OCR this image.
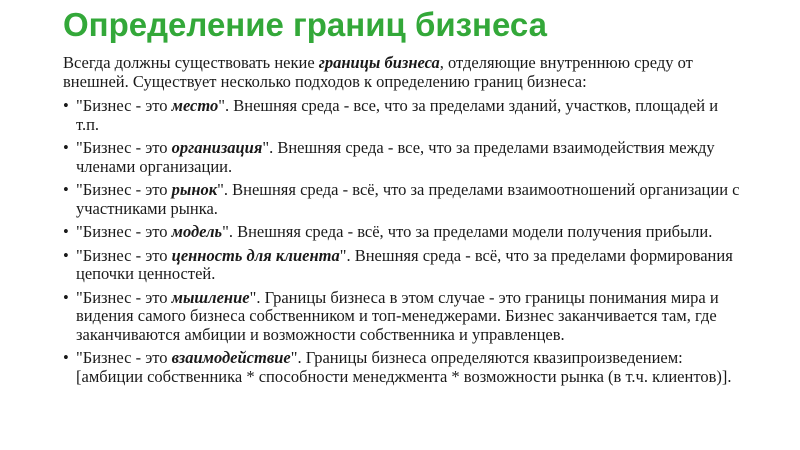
Определение границ бизнеса

Всегда должны существовать некие границы бизнеса, отделяющие внутреннюю среду от внешней. Существует несколько подходов к определению границ бизнеса:

• "Бизнес - это место". Внешняя среда - все, что за пределами зданий, участков, площадей и т.п.
• "Бизнес - это организация". Внешняя среда - все, что за пределами взаимодействия между членами организации.
• "Бизнес - это рынок". Внешняя среда - всё, что за пределами взаимоотношений организации с участниками рынка.
• "Бизнес - это модель". Внешняя среда - всё, что за пределами модели получения прибыли.
• "Бизнес - это ценность для клиента". Внешняя среда - всё, что за пределами формирования цепочки ценностей.
• "Бизнес - это мышление". Границы бизнеса в этом случае - это границы понимания мира и видения самого бизнеса собственником и топ-менеджерами. Бизнес заканчивается там, где заканчиваются амбиции и возможности собственника и управленцев.
• "Бизнес - это взаимодействие". Границы бизнеса определяются квазипроизведением: [амбиции собственника * способности менеджмента * возможности рынка (в т.ч. клиентов)].
